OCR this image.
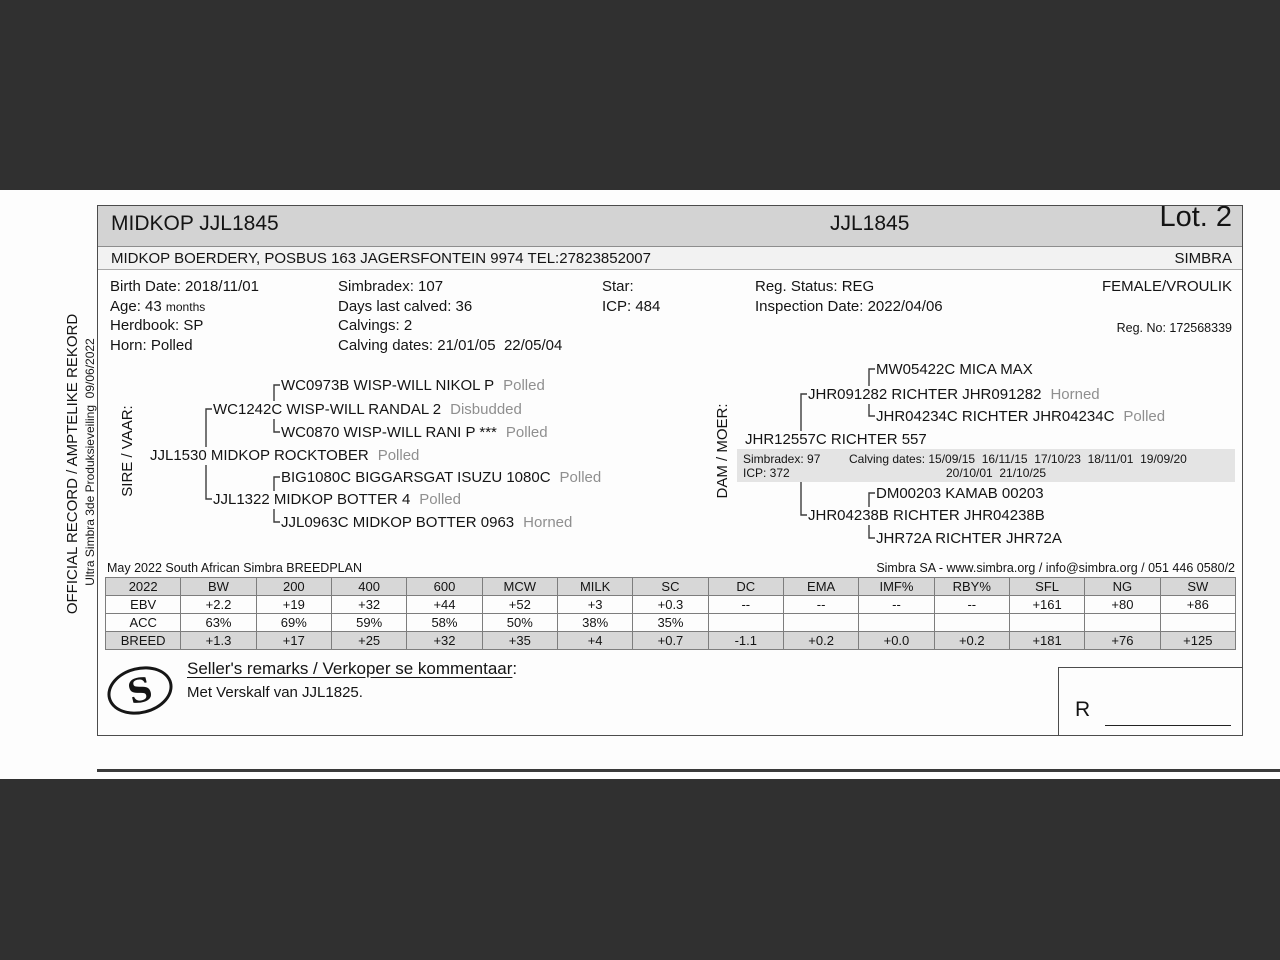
MIDKOP JJL1845	JJL1845	Lot. 2
MIDKOP BOERDERY, POSBUS 163 JAGERSFONTEIN 9974 TEL:27823852007	SIMBRA
Birth Date: 2018/11/01	Simbradex: 107	Star:	Reg. Status: REG	FEMALE/VROULIK
Age: 43 months	Days last calved: 36	ICP: 484	Inspection Date: 2022/04/06
Herdbook: SP	Calvings: 2	Reg. No: 172568339
Horn: Polled	Calving dates: 21/01/05  22/05/04
SIRE / VAAR:
WC0973B WISP-WILL NIKOL P Polled
WC1242C WISP-WILL RANDAL 2 Disbudded
WC0870 WISP-WILL RANI P *** Polled
JJL1530 MIDKOP ROCKTOBER Polled
BIG1080C BIGGARSGAT ISUZU 1080C Polled
JJL1322 MIDKOP BOTTER 4 Polled
JJL0963C MIDKOP BOTTER 0963 Horned
DAM / MOER:
MW05422C MICA MAX
JHR091282 RICHTER JHR091282 Horned
JHR04234C RICHTER JHR04234C Polled
JHR12557C RICHTER 557
DM00203 KAMAB 00203
JHR04238B RICHTER JHR04238B
JHR72A RICHTER JHR72A
Simbradex: 97
ICP: 372
Calving dates: 15/09/15  16/11/15  17/10/23  18/11/01  19/09/20
20/10/01  21/10/25
May 2022 South African Simbra BREEDPLAN	Simbra SA - www.simbra.org / info@simbra.org / 051 446 0580/2
2022	BW	200	400	600	MCW	MILK	SC	DC	EMA	IMF%	RBY%	SFL	NG	SW
EBV	+2.2	+19	+32	+44	+52	+3	+0.3	--	--	--	--	+161	+80	+86
ACC	63%	69%	59%	58%	50%	38%	35%							
BREED	+1.3	+17	+25	+32	+35	+4	+0.7	-1.1	+0.2	+0.0	+0.2	+181	+76	+125
S
Seller's remarks / Verkoper se kommentaar:
Met Verskalf van JJL1825.
R
OFFICIAL RECORD / AMPTELIKE REKORD Ultra Simbra 3de Produksieveiling  09/06/2022
